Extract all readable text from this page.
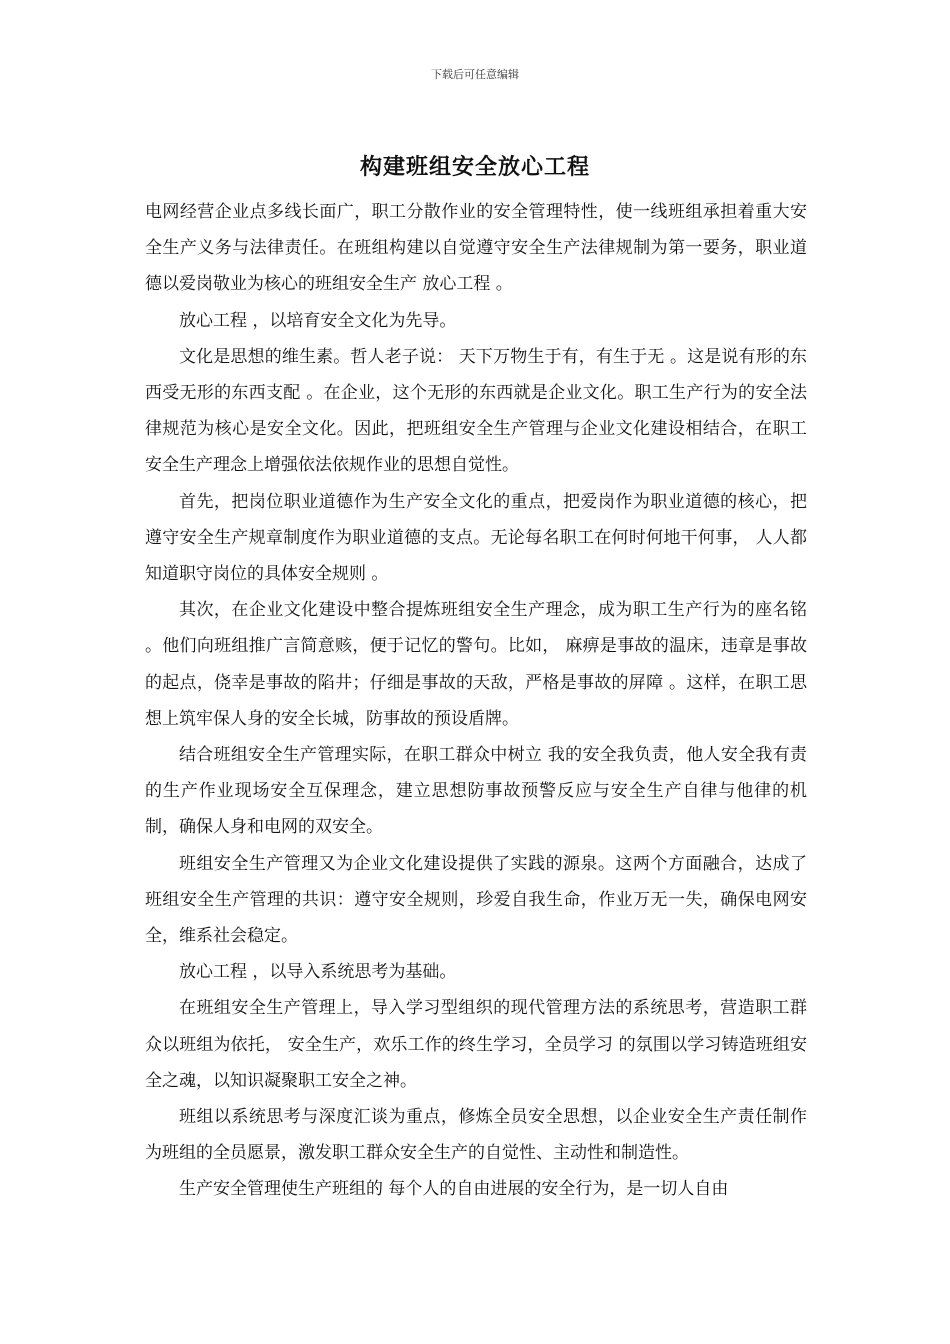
下载后可任意编辑
构建班组安全放心工程

电网经营企业点多线长面广，职工分散作业的安全管理特性，使一线班组承担着重大安全生产义务与法律责任。在班组构建以自觉遵守安全生产法律规制为第一要务，职业道德以爱岗敬业为核心的班组安全生产 放心工程 。

放心工程 ，以培育安全文化为先导。

文化是思想的维生素。哲人老子说： 天下万物生于有，有生于无 。这是说有形的东西受无形的东西支配 。在企业，这个无形的东西就是企业文化。职工生产行为的安全法律规范为核心是安全文化。因此，把班组安全生产管理与企业文化建设相结合，在职工安全生产理念上增强依法依规作业的思想自觉性。

首先，把岗位职业道德作为生产安全文化的重点，把爱岗作为职业道德的核心，把遵守安全生产规章制度作为职业道德的支点。无论每名职工在何时何地干何事， 人人都知道职守岗位的具体安全规则 。

其次，在企业文化建设中整合提炼班组安全生产理念，成为职工生产行为的座名铭 。他们向班组推广言简意赅，便于记忆的警句。比如， 麻痹是事故的温床，违章是事故的起点，侥幸是事故的陷井；仔细是事故的天敌，严格是事故的屏障 。这样，在职工思想上筑牢保人身的安全长城，防事故的预设盾牌。

结合班组安全生产管理实际，在职工群众中树立 我的安全我负责，他人安全我有责 的生产作业现场安全互保理念，建立思想防事故预警反应与安全生产自律与他律的机制，确保人身和电网的双安全。

班组安全生产管理又为企业文化建设提供了实践的源泉。这两个方面融合，达成了班组安全生产管理的共识：遵守安全规则，珍爱自我生命，作业万无一失，确保电网安全，维系社会稳定。

放心工程 ，以导入系统思考为基础。

在班组安全生产管理上，导入学习型组织的现代管理方法的系统思考，营造职工群众以班组为依托， 安全生产，欢乐工作的终生学习，全员学习 的氛围以学习铸造班组安全之魂，以知识凝聚职工安全之神。

班组以系统思考与深度汇谈为重点，修炼全员安全思想，以企业安全生产责任制作为班组的全员愿景，激发职工群众安全生产的自觉性、主动性和制造性。

生产安全管理使生产班组的 每个人的自由进展的安全行为，是一切人自由
